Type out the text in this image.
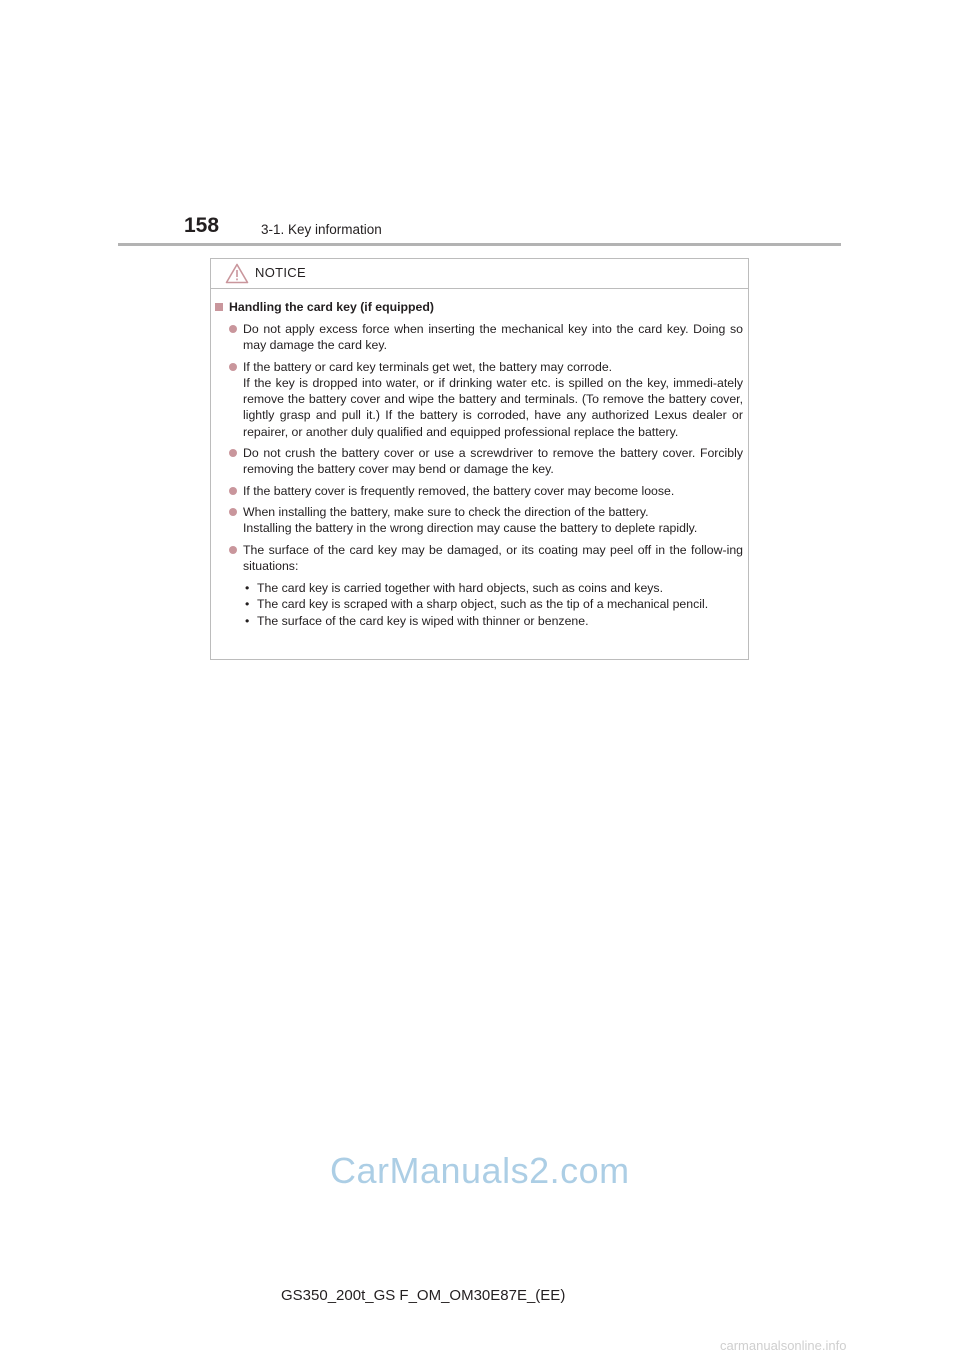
158	3-1. Key information
NOTICE
Handling the card key (if equipped)
Do not apply excess force when inserting the mechanical key into the card key. Doing so may damage the card key.
If the battery or card key terminals get wet, the battery may corrode.
If the key is dropped into water, or if drinking water etc. is spilled on the key, immedi-ately remove the battery cover and wipe the battery and terminals. (To remove the battery cover, lightly grasp and pull it.) If the battery is corroded, have any authorized Lexus dealer or repairer, or another duly qualified and equipped professional replace the battery.
Do not crush the battery cover or use a screwdriver to remove the battery cover. Forcibly removing the battery cover may bend or damage the key.
If the battery cover is frequently removed, the battery cover may become loose.
When installing the battery, make sure to check the direction of the battery.
Installing the battery in the wrong direction may cause the battery to deplete rapidly.
The surface of the card key may be damaged, or its coating may peel off in the follow-ing situations:
• The card key is carried together with hard objects, such as coins and keys.
• The card key is scraped with a sharp object, such as the tip of a mechanical pencil.
• The surface of the card key is wiped with thinner or benzene.
CarManuals2.com
GS350_200t_GS F_OM_OM30E87E_(EE)
carmanualsonline.info
